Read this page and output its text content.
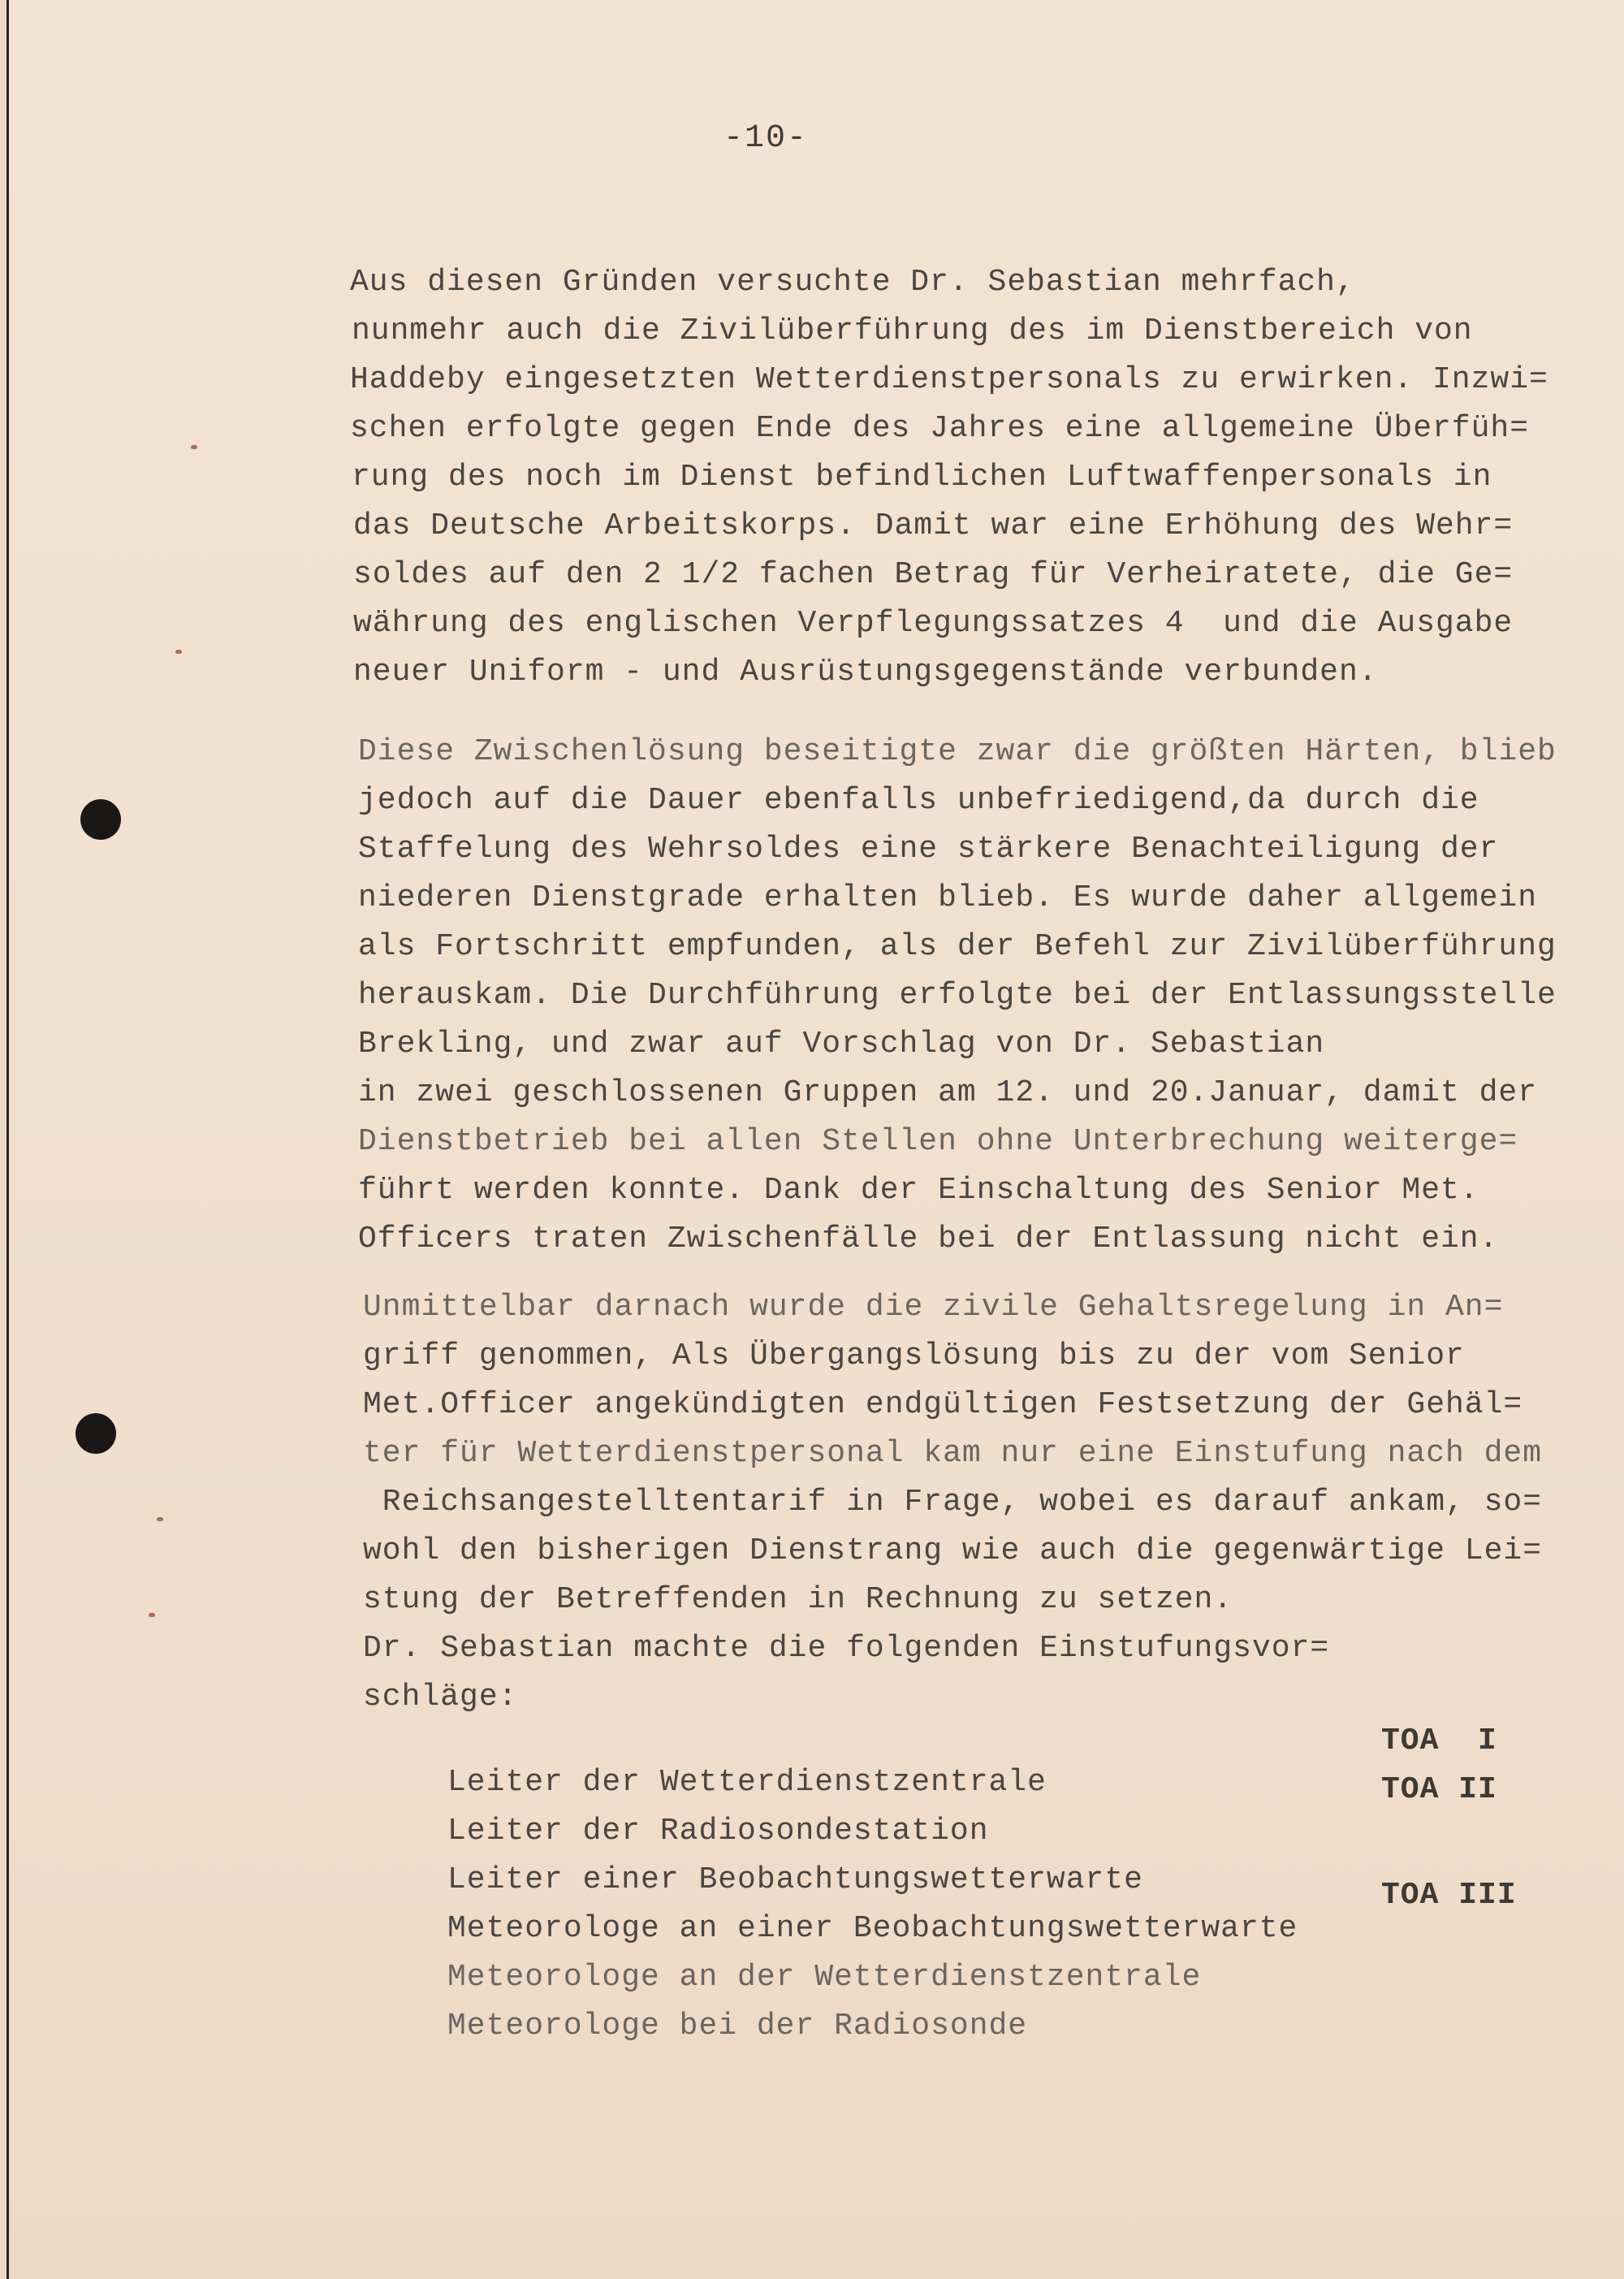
-10-

Aus diesen Gründen versuchte Dr. Sebastian mehrfach,

nunmehr auch die Zivilüberführung des im Dienstbereich von

Haddeby eingesetzten Wetterdienstpersonals zu erwirken. Inzwi=

schen erfolgte gegen Ende des Jahres eine allgemeine Überfüh=

rung des noch im Dienst befindlichen Luftwaffenpersonals in

das Deutsche Arbeitskorps. Damit war eine Erhöhung des Wehr=

soldes auf den 2 1/2 fachen Betrag für Verheiratete, die Ge=

währung des englischen Verpflegungssatzes 4  und die Ausgabe

neuer Uniform - und Ausrüstungsgegenstände verbunden.

Diese Zwischenlösung beseitigte zwar die größten Härten, blieb

jedoch auf die Dauer ebenfalls unbefriedigend,da durch die

Staffelung des Wehrsoldes eine stärkere Benachteiligung der

niederen Dienstgrade erhalten blieb. Es wurde daher allgemein

als Fortschritt empfunden, als der Befehl zur Zivilüberführung

herauskam. Die Durchführung erfolgte bei der Entlassungsstelle

Brekling, und zwar auf Vorschlag von Dr. Sebastian

in zwei geschlossenen Gruppen am 12. und 20.Januar, damit der

Dienstbetrieb bei allen Stellen ohne Unterbrechung weiterge=

führt werden konnte. Dank der Einschaltung des Senior Met.

Officers traten Zwischenfälle bei der Entlassung nicht ein.

Unmittelbar darnach wurde die zivile Gehaltsregelung in An=

griff genommen, Als Übergangslösung bis zu der vom Senior

Met.Officer angekündigten endgültigen Festsetzung der Gehäl=

ter für Wetterdienstpersonal kam nur eine Einstufung nach dem

Reichsangestelltentarif in Frage, wobei es darauf ankam, so=

wohl den bisherigen Dienstrang wie auch die gegenwärtige Lei=

stung der Betreffenden in Rechnung zu setzen.

Dr. Sebastian machte die folgenden Einstufungsvor=

schläge:

Leiter der Wetterdienstzentrale

TOA  I

Leiter der Radiosondestation

TOA II

Leiter einer Beobachtungswetterwarte

Meteorologe an einer Beobachtungswetterwarte

TOA III

Meteorologe an der Wetterdienstzentrale

Meteorologe bei der Radiosonde
